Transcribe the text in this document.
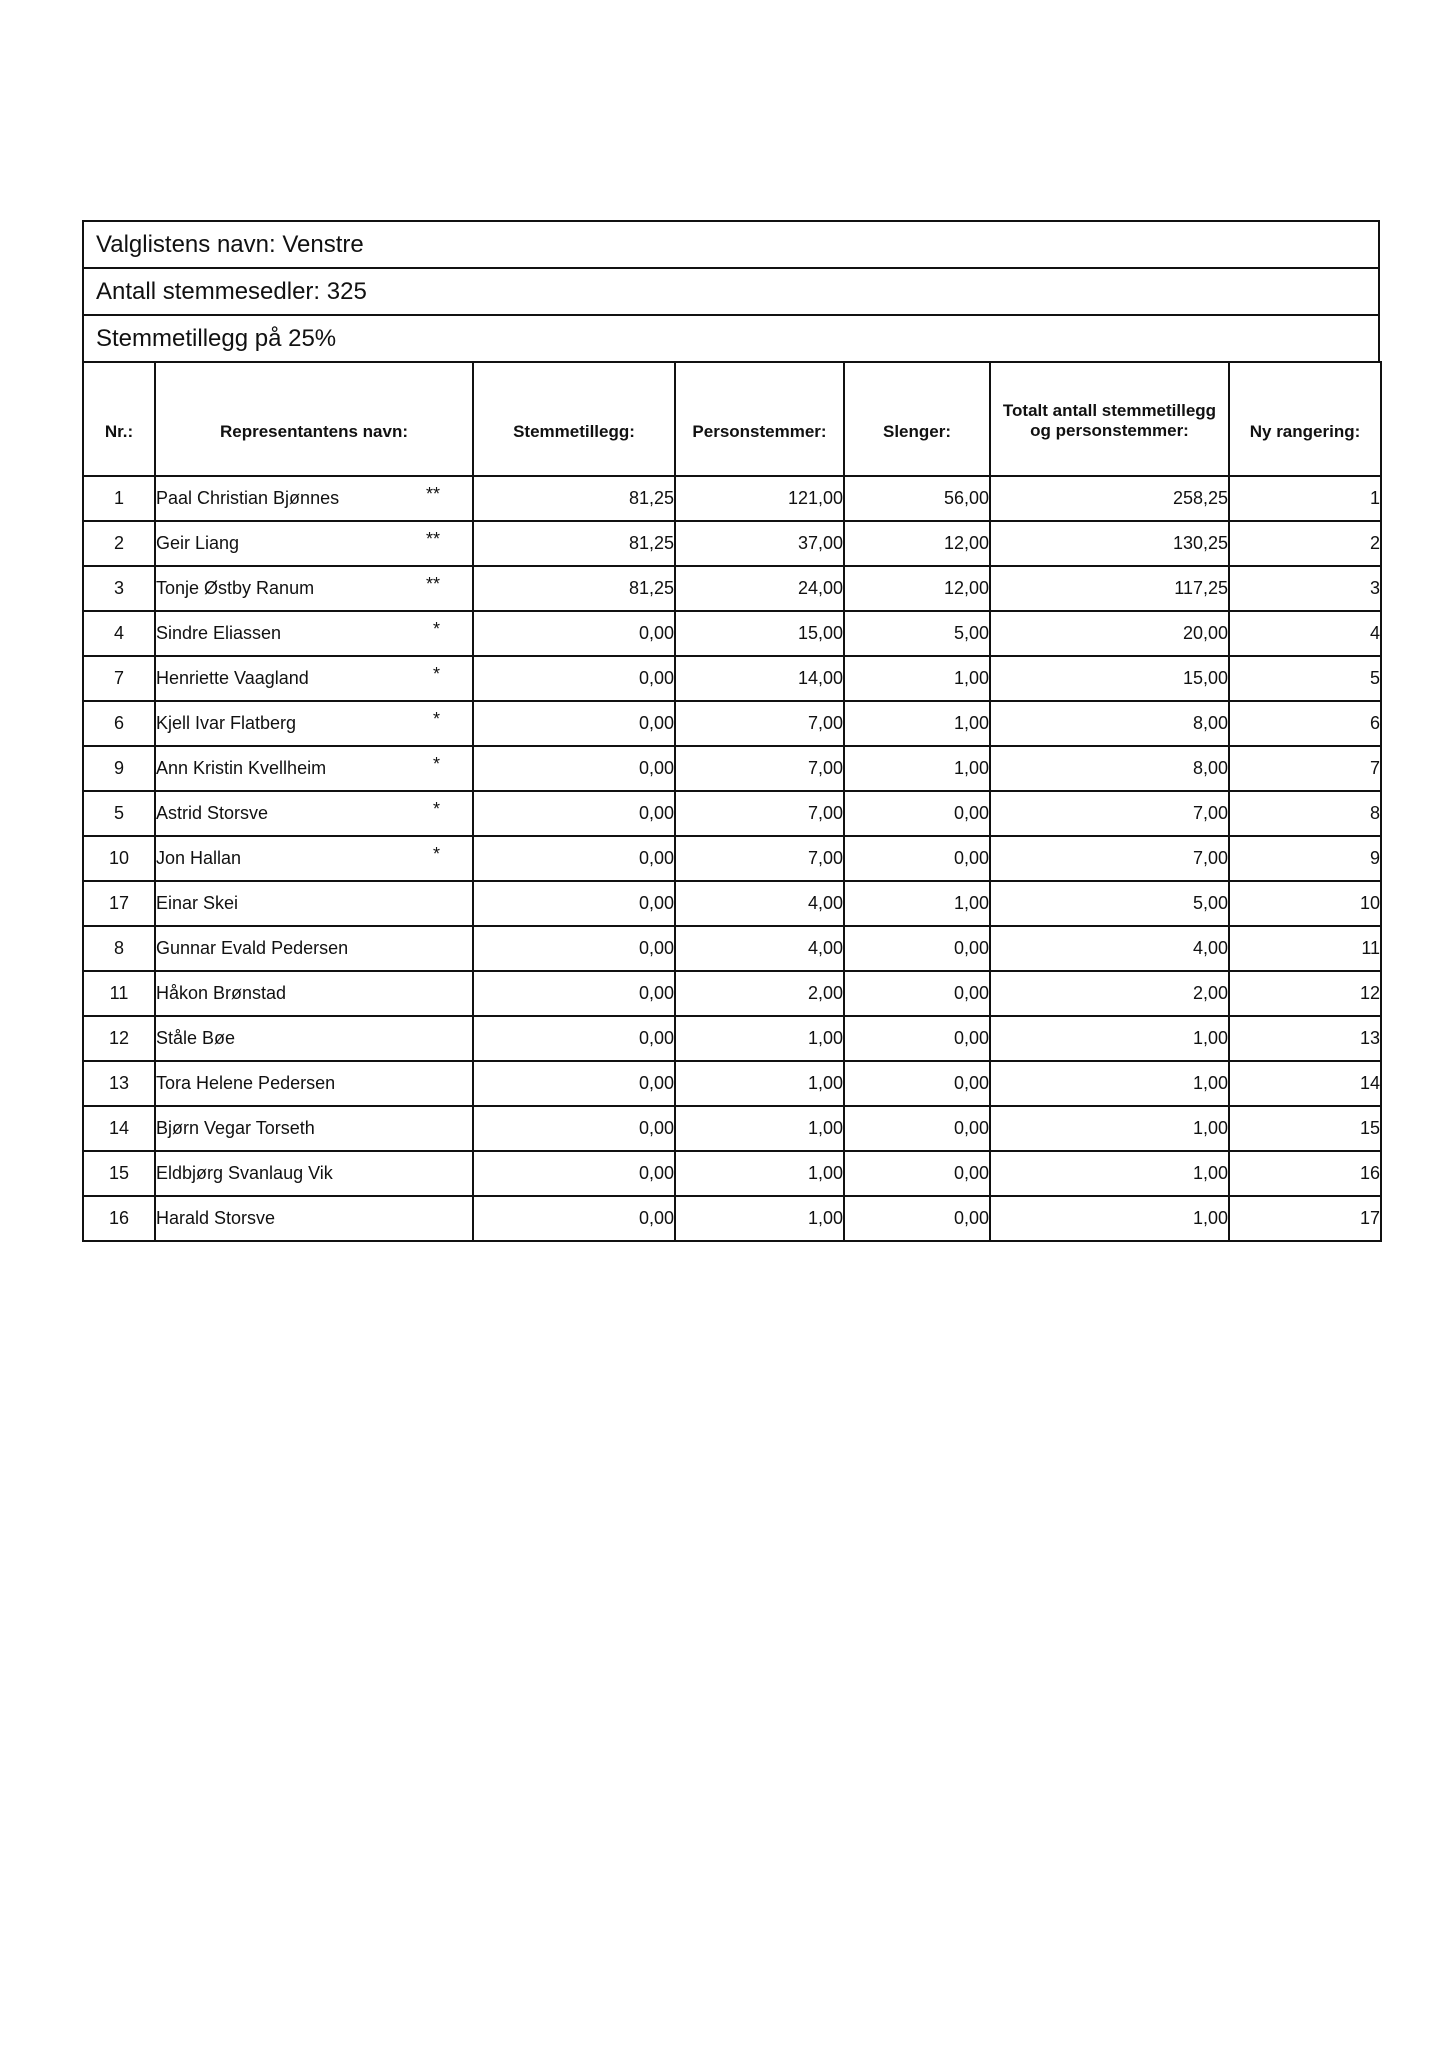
Valglistens navn: Venstre
Antall stemmesedler: 325
Stemmetillegg på 25%
Nr.:	Representantens navn:	Stemmetillegg:	Personstemmer:	Slenger:	Totalt antall stemmetillegg
og personstemmer:	Ny rangering:
1	Paal Christian Bjønnes **	81,25	121,00	56,00	258,25	1
2	Geir Liang **	81,25	37,00	12,00	130,25	2
3	Tonje Østby Ranum **	81,25	24,00	12,00	117,25	3
4	Sindre Eliassen *	0,00	15,00	5,00	20,00	4
7	Henriette Vaagland *	0,00	14,00	1,00	15,00	5
6	Kjell Ivar Flatberg *	0,00	7,00	1,00	8,00	6
9	Ann Kristin Kvellheim *	0,00	7,00	1,00	8,00	7
5	Astrid Storsve *	0,00	7,00	0,00	7,00	8
10	Jon Hallan *	0,00	7,00	0,00	7,00	9
17	Einar Skei	0,00	4,00	1,00	5,00	10
8	Gunnar Evald Pedersen	0,00	4,00	0,00	4,00	11
11	Håkon Brønstad	0,00	2,00	0,00	2,00	12
12	Ståle Bøe	0,00	1,00	0,00	1,00	13
13	Tora Helene Pedersen	0,00	1,00	0,00	1,00	14
14	Bjørn Vegar Torseth	0,00	1,00	0,00	1,00	15
15	Eldbjørg Svanlaug Vik	0,00	1,00	0,00	1,00	16
16	Harald Storsve	0,00	1,00	0,00	1,00	17
